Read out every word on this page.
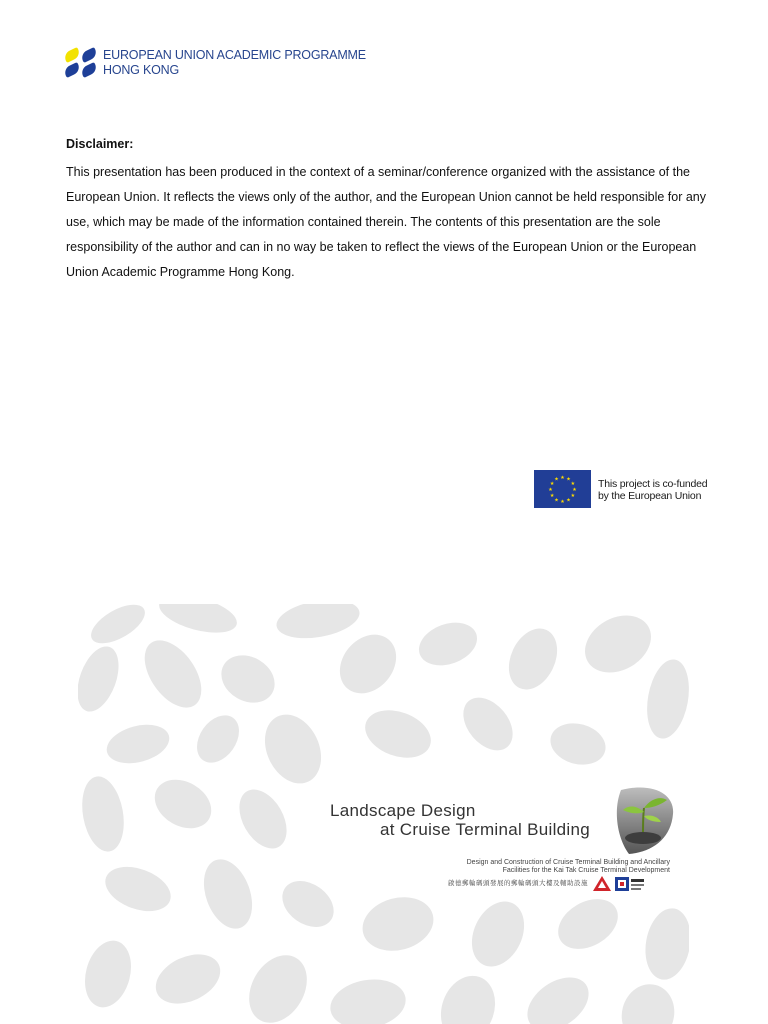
EUROPEAN UNION ACADEMIC PROGRAMME
HONG KONG
Disclaimer:

This presentation has been produced in the context of a seminar/conference organized with the assistance of the European Union. It reflects the views only of the author, and the European Union cannot be held responsible for any use, which may be made of the information contained therein. The contents of this presentation are the sole responsibility of the author and can in no way be taken to reflect the views of the European Union or the European Union Academic Programme Hong Kong.

★ ★
★
★
★
★
★
★
★
★
★
★	This project is co-funded
by the European Union
Landscape Design
at Cruise Terminal Building
Design and Construction of Cruise Terminal Building and Ancillary
Facilities for the Kai Tak Cruise Terminal Development
啟德郵輪碼頭發展的郵輪碼頭大樓及輔助設施
